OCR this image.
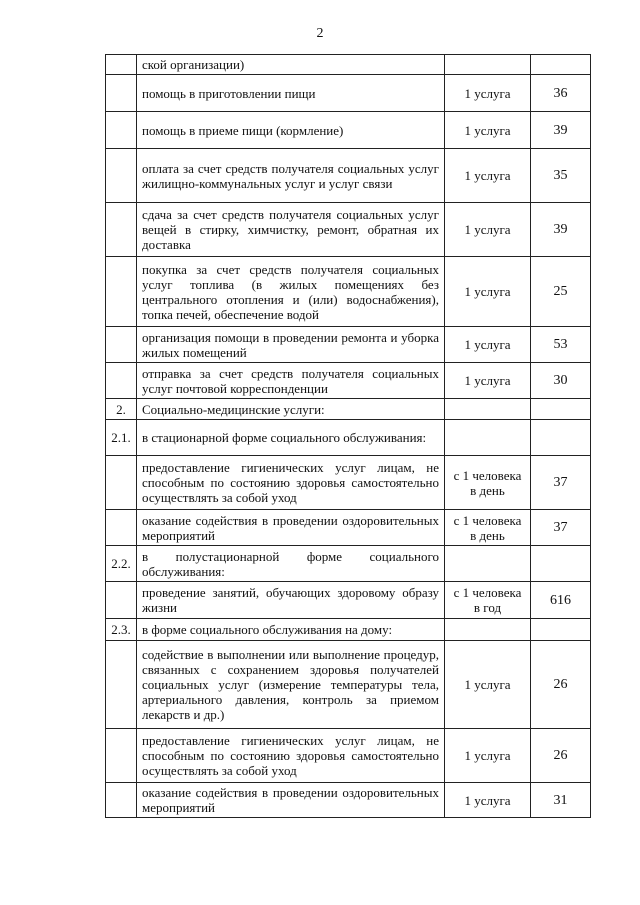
2
	ской организации)		
	помощь в приготовлении пищи	1 услуга	36
	помощь в приеме пищи (кормление)	1 услуга	39
	оплата за счет средств получателя социальных услуг жилищно-коммунальных услуг и услуг связи	1 услуга	35
	сдача за счет средств получателя социальных услуг вещей в стирку, химчистку, ремонт, обратная их доставка	1 услуга	39
	покупка за счет средств получателя социальных услуг топлива (в жилых помещениях без центрального отопления и (или) водоснабжения), топка печей, обеспечение водой	1 услуга	25
	организация помощи в проведении ремонта и уборка жилых помещений	1 услуга	53
	отправка за счет средств получателя социальных услуг почтовой корреспонденции	1 услуга	30
2.	Социально-медицинские услуги:		
2.1.	в стационарной форме социального обслуживания:		
	предоставление гигиенических услуг лицам, не способным по состоянию здоровья самостоятельно осуществлять за собой уход	с 1 человека в день	37
	оказание содействия в проведении оздоровительных мероприятий	с 1 человека в день	37
2.2.	в полустационарной форме социального обслуживания:		
	проведение занятий, обучающих здоровому образу жизни	с 1 человека в год	616
2.3.	в форме социального обслуживания на дому:		
	содействие в выполнении или выполнение процедур, связанных с сохранением здоровья получателей социальных услуг (измерение температуры тела, артериального давления, контроль за приемом лекарств и др.)	1 услуга	26
	предоставление гигиенических услуг лицам, не способным по состоянию здоровья самостоятельно осуществлять за собой уход	1 услуга	26
	оказание содействия в проведении оздоровительных мероприятий	1 услуга	31
